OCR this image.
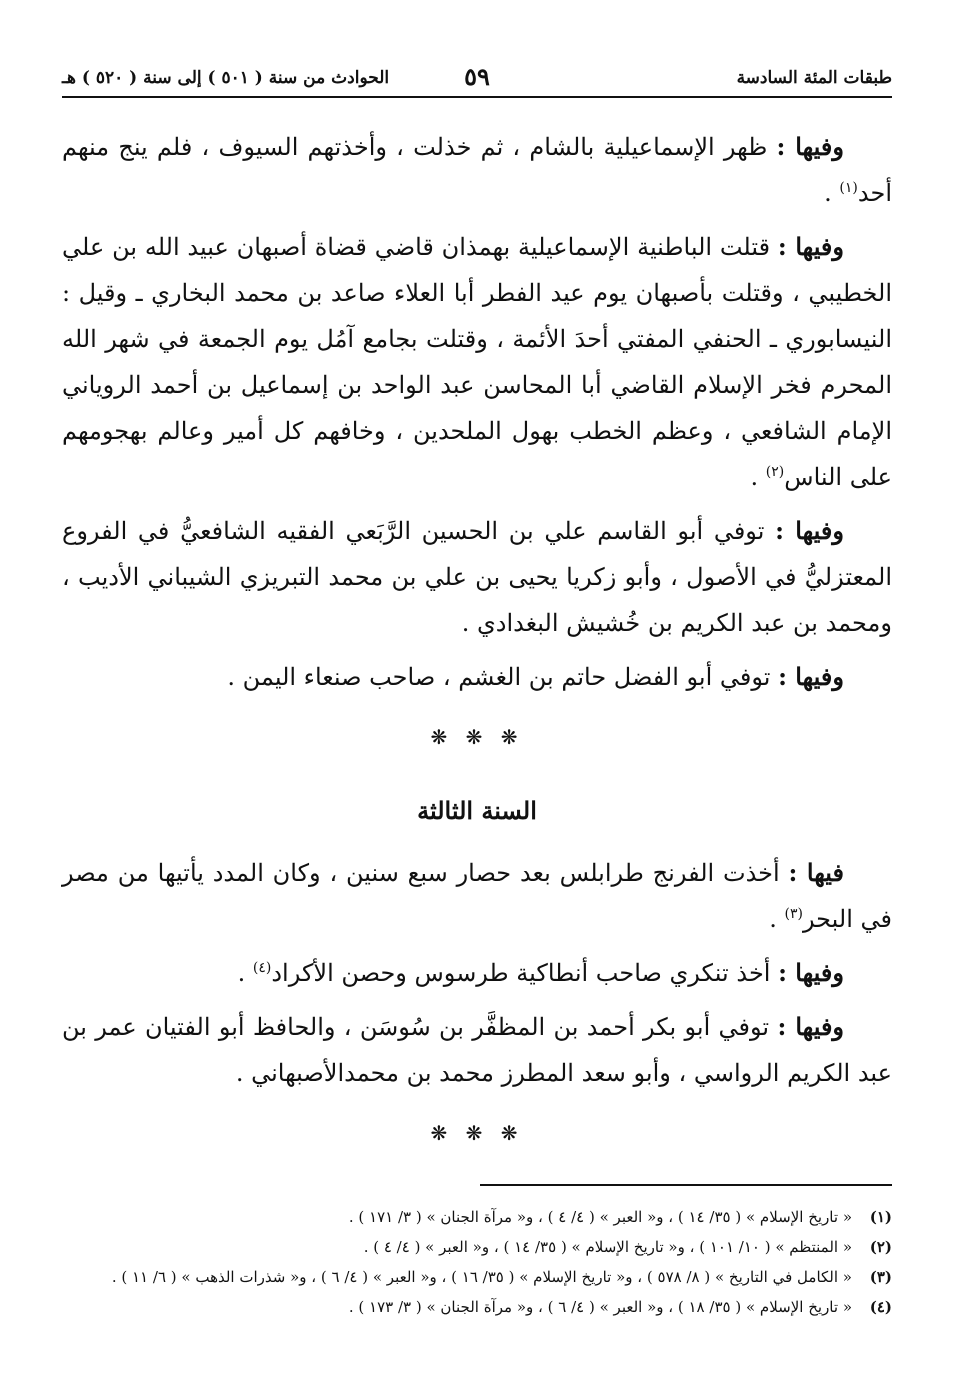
طبقات المئة السادسة
٥٩
الحوادث من سنة ( ٥٠١ ) إلى سنة ( ٥٢٠ ) هـ

وفيها : ظهر الإسماعيلية بالشام ، ثم خذلت ، وأخذتهم السيوف ، فلم ينج منهم أحد$^{(١)}$ .

وفيها : قتلت الباطنية الإسماعيلية بهمذان قاضي قضاة أصبهان عبيد الله بن علي الخطيبي ، وقتلت بأصبهان يوم عيد الفطر أبا العلاء صاعد بن محمد البخاري ـ وقيل : النيسابوري ـ الحنفي المفتي أحدَ الأئمة ، وقتلت بجامع آمُل يوم الجمعة في شهر الله المحرم فخر الإسلام القاضي أبا المحاسن عبد الواحد بن إسماعيل بن أحمد الروياني الإمام الشافعي ، وعظم الخطب بهول الملحدين ، وخافهم كل أمير وعالم بهجومهم على الناس$^{(٢)}$ .

وفيها : توفي أبو القاسم علي بن الحسين الرَّبَعي الفقيه الشافعيُّ في الفروع المعتزليُّ في الأصول ، وأبو زكريا يحيى بن علي بن محمد التبريزي الشيباني الأديب ، ومحمد بن عبد الكريم بن خُشيش البغدادي .

وفيها : توفي أبو الفضل حاتم بن الغشم ، صاحب صنعاء اليمن .

❋ ❋ ❋
السنة الثالثة

فيها : أخذت الفرنج طرابلس بعد حصار سبع سنين ، وكان المدد يأتيها من مصر في البحر$^{(٣)}$ .

وفيها : أخذ تنكري صاحب أنطاكية طرسوس وحصن الأكراد$^{(٤)}$ .

وفيها : توفي أبو بكر أحمد بن المظفَّر بن سُوسَن ، والحافظ أبو الفتيان عمر بن عبد الكريم الرواسي ، وأبو سعد المطرز محمد بن محمدالأصبهاني .

❋ ❋ ❋
(١)
« تاريخ الإسلام » ( ٣٥/ ١٤ ) ، و« العبر » ( ٤/ ٤ ) ، و« مرآة الجنان » ( ٣/ ١٧١ ) .
(٢)
« المنتظم » ( ١٠/ ١٠١ ) ، و« تاريخ الإسلام » ( ٣٥/ ١٤ ) ، و« العبر » ( ٤/ ٤ ) .
(٣)
« الكامل في التاريخ » ( ٨/ ٥٧٨ ) ، و« تاريخ الإسلام » ( ٣٥/ ١٦ ) ، و« العبر » ( ٤/ ٦ ) ، و« شذرات الذهب » ( ٦/ ١١ ) .
(٤)
« تاريخ الإسلام » ( ٣٥/ ١٨ ) ، و« العبر » ( ٤/ ٦ ) ، و« مرآة الجنان » ( ٣/ ١٧٣ ) .
